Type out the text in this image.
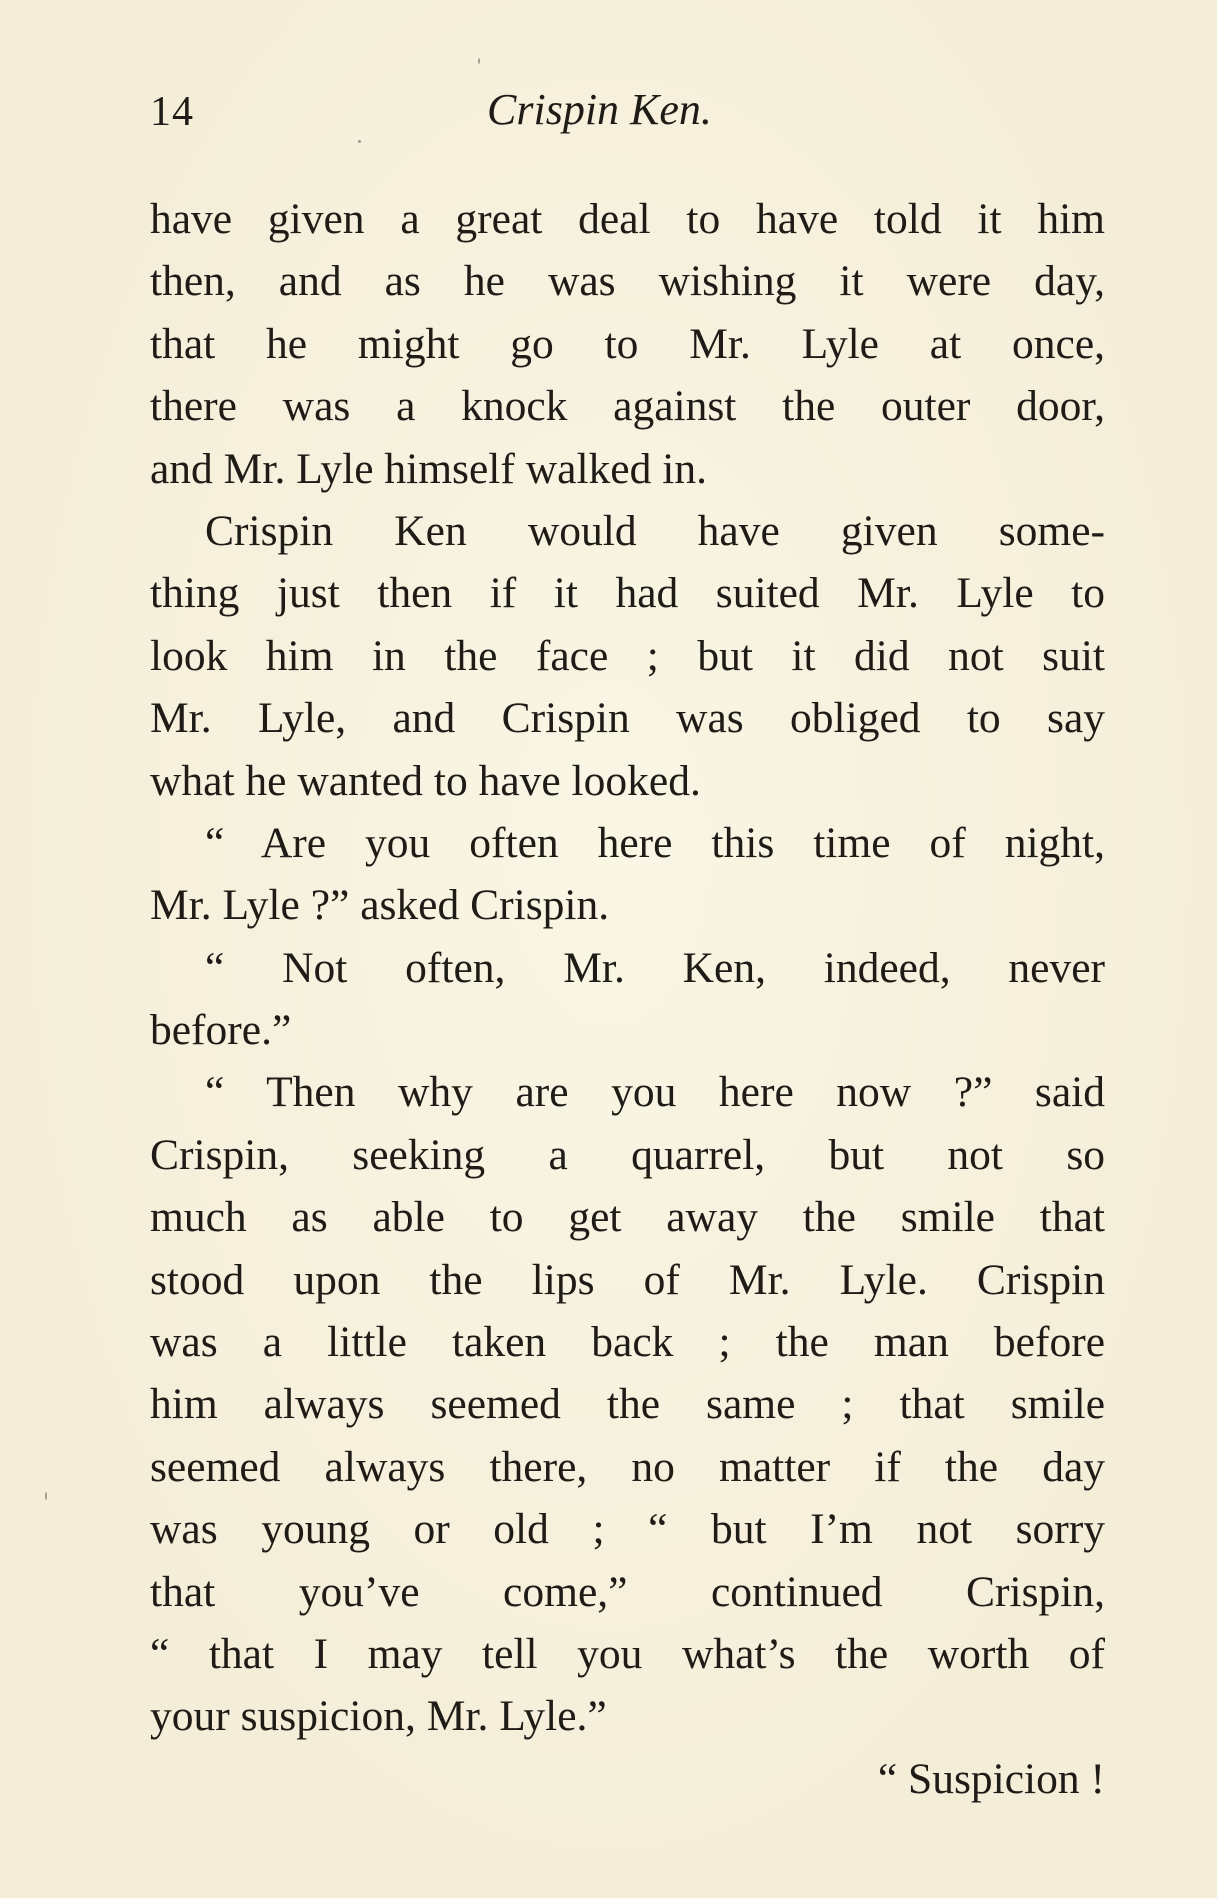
14	Crispin Ken.
have given a great deal to have told it him
then, and as he was wishing it were day,
that he might go to Mr. Lyle at once,
there was a knock against the outer door,
and Mr. Lyle himself walked in.
Crispin Ken would have given some-
thing just then if it had suited Mr. Lyle to
look him in the face ; but it did not suit
Mr. Lyle, and Crispin was obliged to say
what he wanted to have looked.
“ Are you often here this time of night,
Mr. Lyle ?” asked Crispin.
“ Not often, Mr. Ken, indeed, never
before.”
“ Then why are you here now ?” said
Crispin, seeking a quarrel, but not so
much as able to get away the smile that
stood upon the lips of Mr. Lyle. Crispin
was a little taken back ; the man before
him always seemed the same ; that smile
seemed always there, no matter if the day
was young or old ; “ but I’m not sorry
that you’ve come,” continued Crispin,
“ that I may tell you what’s the worth of
your suspicion, Mr. Lyle.”
“ Suspicion !
